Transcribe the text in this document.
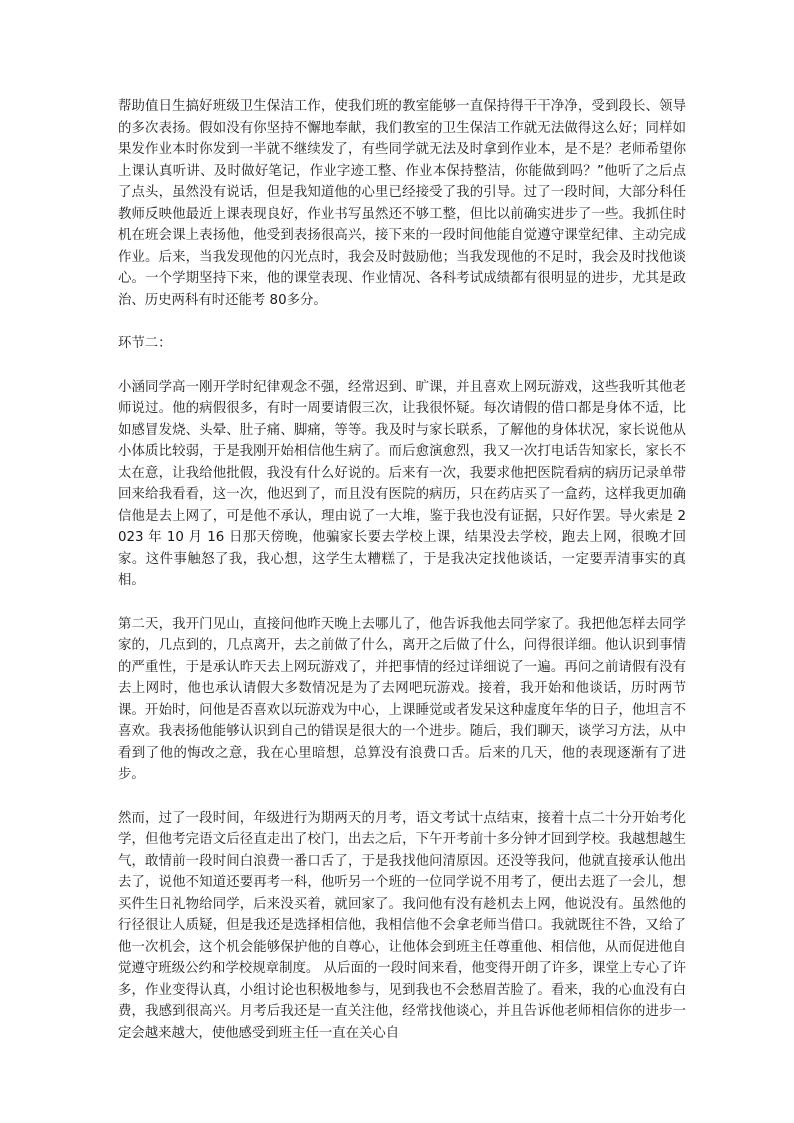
帮助值日生搞好班级卫生保洁工作，使我们班的教室能够一直保持得干干净净，受到段长、领导的多次表扬。假如没有你坚持不懈地奉献，我们教室的卫生保洁工作就无法做得这么好；同样如果发作业本时你发到一半就不继续发了，有些同学就无法及时拿到作业本，是不是？老师希望你上课认真听讲、及时做好笔记，作业字迹工整、作业本保持整洁，你能做到吗？”他听了之后点了点头，虽然没有说话，但是我知道他的心里已经接受了我的引导。过了一段时间，大部分科任教师反映他最近上课表现良好，作业书写虽然还不够工整，但比以前确实进步了一些。我抓住时机在班会课上表扬他，他受到表扬很高兴，接下来的一段时间他能自觉遵守课堂纪律、主动完成作业。后来，当我发现他的闪光点时，我会及时鼓励他；当我发现他的不足时，我会及时找他谈心。一个学期坚持下来，他的课堂表现、作业情况、各科考试成绩都有很明显的进步，尤其是政治、历史两科有时还能考 80多分。

环节二：

小涵同学高一刚开学时纪律观念不强，经常迟到、旷课，并且喜欢上网玩游戏，这些我听其他老师说过。他的病假很多，有时一周要请假三次，让我很怀疑。每次请假的借口都是身体不适，比如感冒发烧、头晕、肚子痛、脚痛，等等。我及时与家长联系，了解他的身体状况，家长说他从小体质比较弱，于是我刚开始相信他生病了。而后愈演愈烈，我又一次打电话告知家长，家长不太在意，让我给他批假，我没有什么好说的。后来有一次，我要求他把医院看病的病历记录单带回来给我看看，这一次，他迟到了，而且没有医院的病历，只在药店买了一盒药，这样我更加确信他是去上网了，可是他不承认，理由说了一大堆，鉴于我也没有证据，只好作罢。导火索是 2023 年 10 月 16 日那天傍晚，他骗家长要去学校上课，结果没去学校，跑去上网，很晚才回家。这件事触怒了我，我心想，这学生太糟糕了，于是我决定找他谈话，一定要弄清事实的真相。

第二天，我开门见山，直接问他昨天晚上去哪儿了，他告诉我他去同学家了。我把他怎样去同学家的，几点到的，几点离开，去之前做了什么，离开之后做了什么，问得很详细。他认识到事情的严重性，于是承认昨天去上网玩游戏了，并把事情的经过详细说了一遍。再问之前请假有没有去上网时，他也承认请假大多数情况是为了去网吧玩游戏。接着，我开始和他谈话，历时两节课。开始时，问他是否喜欢以玩游戏为中心，上课睡觉或者发呆这种虚度年华的日子，他坦言不喜欢。我表扬他能够认识到自己的错误是很大的一个进步。随后，我们聊天，谈学习方法，从中看到了他的悔改之意，我在心里暗想，总算没有浪费口舌。后来的几天，他的表现逐渐有了进步。

然而，过了一段时间，年级进行为期两天的月考，语文考试十点结束，接着十点二十分开始考化学，但他考完语文后径直走出了校门，出去之后，下午开考前十多分钟才回到学校。我越想越生气，敢情前一段时间白浪费一番口舌了，于是我找他问清原因。还没等我问，他就直接承认他出去了，说他不知道还要再考一科，他听另一个班的一位同学说不用考了，便出去逛了一会儿，想买件生日礼物给同学，后来没买着，就回家了。我问他有没有趁机去上网，他说没有。虽然他的行径很让人质疑，但是我还是选择相信他，我相信他不会拿老师当借口。我就既往不咎，又给了他一次机会，这个机会能够保护他的自尊心，让他体会到班主任尊重他、相信他，从而促进他自觉遵守班级公约和学校规章制度。 从后面的一段时间来看，他变得开朗了许多，课堂上专心了许多，作业变得认真，小组讨论也积极地参与，见到我也不会愁眉苦脸了。看来，我的心血没有白费，我感到很高兴。月考后我还是一直关注他，经常找他谈心，并且告诉他老师相信你的进步一定会越来越大，使他感受到班主任一直在关心自
